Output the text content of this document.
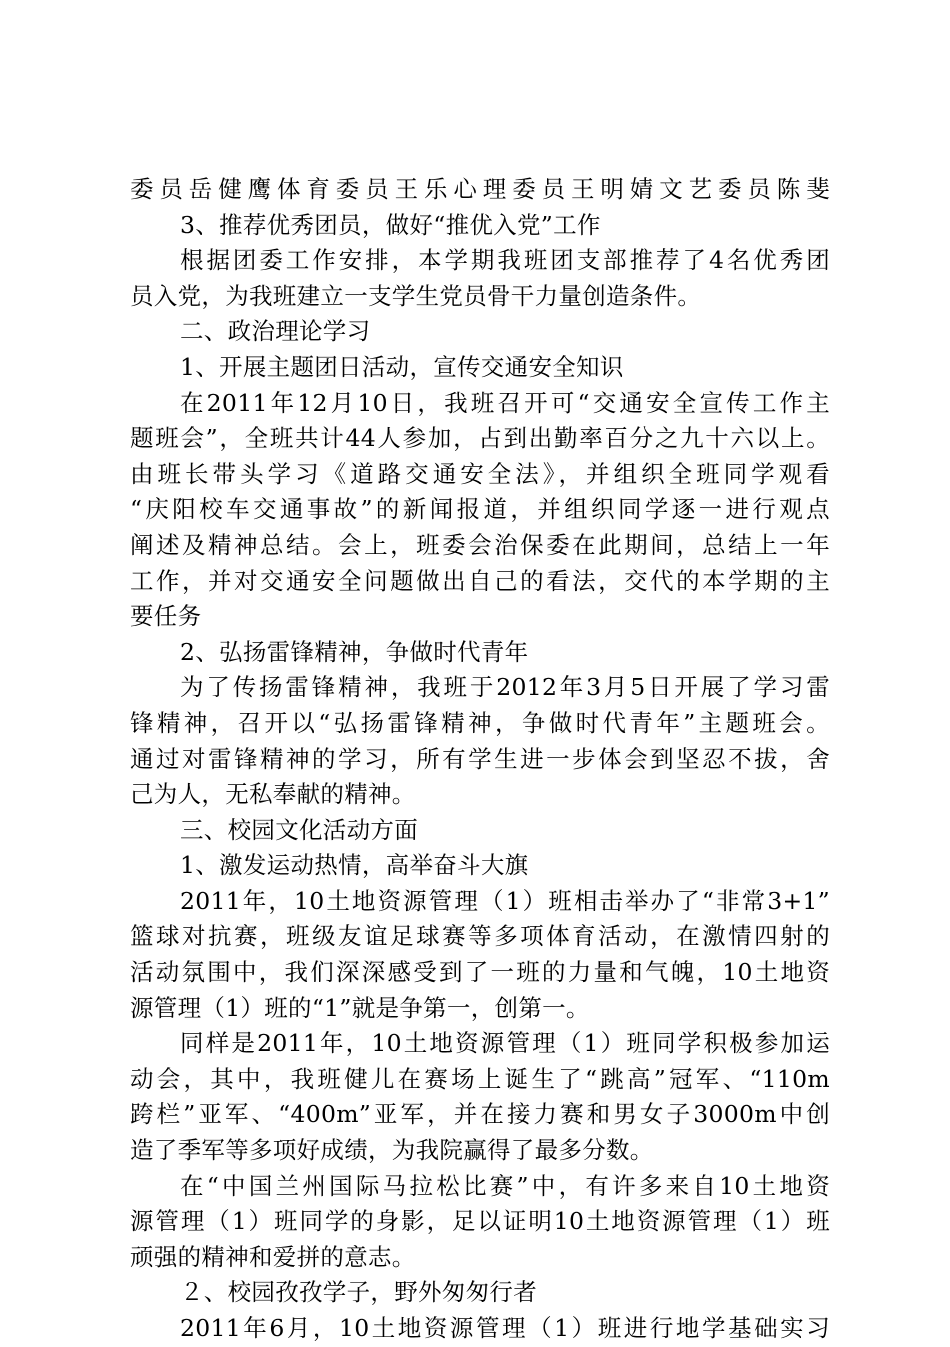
委员岳健鹰体育委员王乐心理委员王明婧文艺委员陈斐
3、推荐优秀团员，做好“推优入党”工作
根据团委工作安排，本学期我班团支部推荐了4名优秀团
员入党，为我班建立一支学生党员骨干力量创造条件。
二、政治理论学习
1、开展主题团日活动，宣传交通安全知识
在2011年12月10日，我班召开可“交通安全宣传工作主
题班会”，全班共计44人参加，占到出勤率百分之九十六以上。
由班长带头学习《道路交通安全法》，并组织全班同学观看
“庆阳校车交通事故”的新闻报道，并组织同学逐一进行观点
阐述及精神总结。会上，班委会治保委在此期间，总结上一年
工作，并对交通安全问题做出自己的看法，交代的本学期的主
要任务
2、弘扬雷锋精神，争做时代青年
为了传扬雷锋精神，我班于2012年3月5日开展了学习雷
锋精神，召开以“弘扬雷锋精神，争做时代青年”主题班会。
通过对雷锋精神的学习，所有学生进一步体会到坚忍不拔，舍
己为人，无私奉献的精神。
三、校园文化活动方面
1、激发运动热情，高举奋斗大旗
2011年，10土地资源管理（1）班相击举办了“非常3+1”
篮球对抗赛，班级友谊足球赛等多项体育活动，在激情四射的
活动氛围中，我们深深感受到了一班的力量和气魄，10土地资
源管理（1）班的“1”就是争第一，创第一。
同样是2011年，10土地资源管理（1）班同学积极参加运
动会，其中，我班健儿在赛场上诞生了“跳高”冠军、“110m
跨栏”亚军、“400m”亚军，并在接力赛和男女子3000m中创
造了季军等多项好成绩，为我院赢得了最多分数。
在“中国兰州国际马拉松比赛”中，有许多来自10土地资
源管理（1）班同学的身影，足以证明10土地资源管理（1）班
顽强的精神和爱拼的意志。
２、校园孜孜学子，野外匆匆行者
2011年6月，10土地资源管理（1）班进行地学基础实习
